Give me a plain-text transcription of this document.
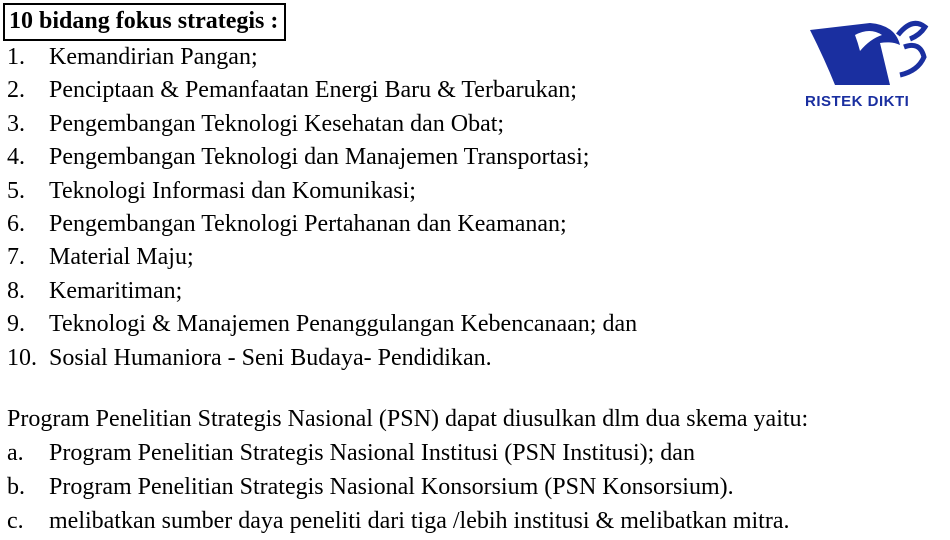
10 bidang fokus strategis :
1. Kemandirian Pangan;
2. Penciptaan & Pemanfaatan Energi Baru & Terbarukan;
3. Pengembangan Teknologi Kesehatan dan Obat;
4. Pengembangan Teknologi dan Manajemen Transportasi;
5. Teknologi Informasi dan Komunikasi;
6. Pengembangan Teknologi Pertahanan dan Keamanan;
7. Material Maju;
8. Kemaritiman;
9. Teknologi & Manajemen Penanggulangan Kebencanaan; dan
10. Sosial Humaniora - Seni Budaya- Pendidikan.
Program Penelitian Strategis Nasional (PSN) dapat diusulkan dlm dua skema yaitu:
a. Program Penelitian Strategis Nasional Institusi (PSN Institusi); dan
b. Program Penelitian Strategis Nasional Konsorsium (PSN Konsorsium).
c. melibatkan sumber daya peneliti dari tiga /lebih institusi & melibatkan mitra.
RISTEK DIKTI
